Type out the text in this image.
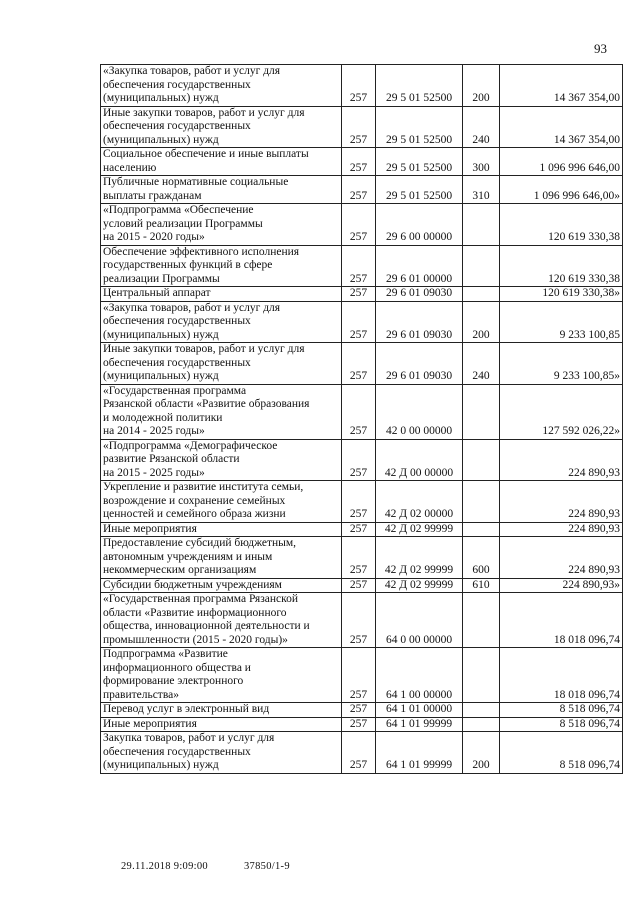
93
«Закупка товаров, работ и услуг для
обеспечения государственных
(муниципальных) нужд	257	29 5 01 52500	200	14 367 354,00
Иные закупки товаров, работ и услуг для
обеспечения государственных
(муниципальных) нужд	257	29 5 01 52500	240	14 367 354,00
Социальное обеспечение и иные выплаты
населению	257	29 5 01 52500	300	1 096 996 646,00
Публичные нормативные социальные
выплаты гражданам	257	29 5 01 52500	310	1 096 996 646,00»
«Подпрограмма «Обеспечение
условий реализации Программы
на 2015 - 2020 годы»	257	29 6 00 00000		120 619 330,38
Обеспечение эффективного исполнения
государственных функций в сфере
реализации Программы	257	29 6 01 00000		120 619 330,38
Центральный аппарат	257	29 6 01 09030		120 619 330,38»
«Закупка товаров, работ и услуг для
обеспечения государственных
(муниципальных) нужд	257	29 6 01 09030	200	9 233 100,85
Иные закупки товаров, работ и услуг для
обеспечения государственных
(муниципальных) нужд	257	29 6 01 09030	240	9 233 100,85»
«Государственная программа
Рязанской области «Развитие образования
и молодежной политики
на 2014 - 2025 годы»	257	42 0 00 00000		127 592 026,22»
«Подпрограмма «Демографическое
развитие Рязанской области
на 2015 - 2025 годы»	257	42 Д 00 00000		224 890,93
Укрепление и развитие института семьи,
возрождение и сохранение семейных
ценностей и семейного образа жизни	257	42 Д 02 00000		224 890,93
Иные мероприятия	257	42 Д 02 99999		224 890,93
Предоставление субсидий бюджетным,
автономным учреждениям и иным
некоммерческим организациям	257	42 Д 02 99999	600	224 890,93
Субсидии бюджетным учреждениям	257	42 Д 02 99999	610	224 890,93»
«Государственная программа Рязанской
области «Развитие информационного
общества, инновационной деятельности и
промышленности (2015 - 2020 годы)»	257	64 0 00 00000		18 018 096,74
Подпрограмма «Развитие
информационного общества и
формирование электронного
правительства»	257	64 1 00 00000		18 018 096,74
Перевод услуг в электронный вид	257	64 1 01 00000		8 518 096,74
Иные мероприятия	257	64 1 01 99999		8 518 096,74
Закупка товаров, работ и услуг для
обеспечения государственных
(муниципальных) нужд	257	64 1 01 99999	200	8 518 096,74
29.11.2018 9:09:00	37850/1-9
